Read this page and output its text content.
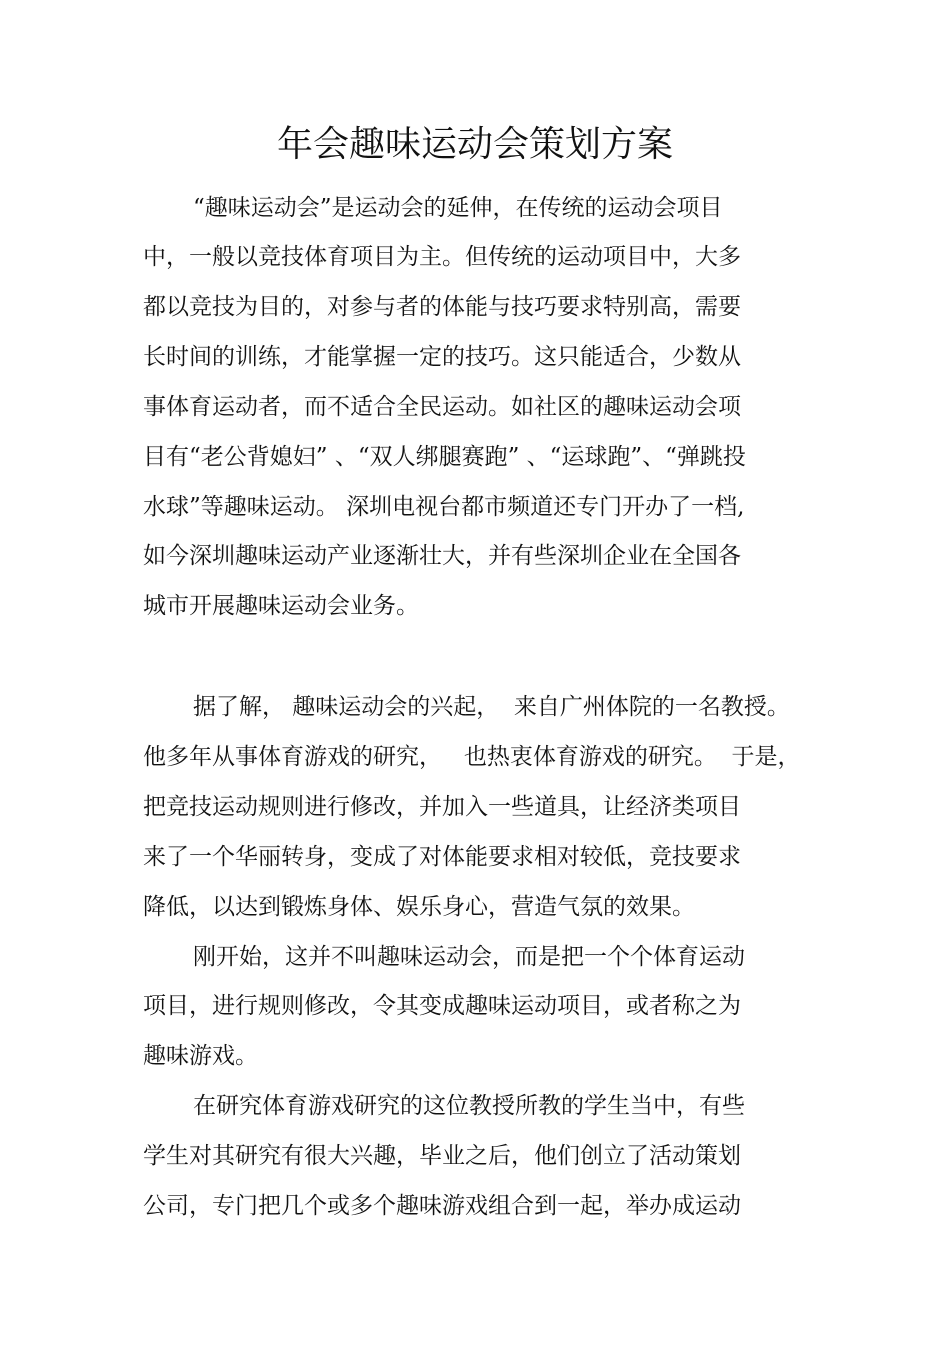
年会趣味运动会策划方案
“趣味运动会”是运动会的延伸，在传统的运动会项目
中，一般以竞技体育项目为主。但传统的运动项目中，大多
都以竞技为目的，对参与者的体能与技巧要求特别高，需要
长时间的训练，才能掌握一定的技巧。这只能适合，少数从
事体育运动者，而不适合全民运动。如社区的趣味运动会项
目有“老公背媳妇” 、“双人绑腿赛跑” 、“运球跑”、“弹跳投
水球”等趣味运动。 深圳电视台都市频道还专门开办了一档,
如今深圳趣味运动产业逐渐壮大，并有些深圳企业在全国各
城市开展趣味运动会业务。
据了解， 趣味运动会的兴起，  来自广州体院的一名教授。
他多年从事体育游戏的研究，   也热衷体育游戏的研究。  于是，
把竞技运动规则进行修改，并加入一些道具，让经济类项目
来了一个华丽转身，变成了对体能要求相对较低，竞技要求
降低，以达到锻炼身体、娱乐身心，营造气氛的效果。
刚开始，这并不叫趣味运动会，而是把一个个体育运动
项目，进行规则修改，令其变成趣味运动项目，或者称之为
趣味游戏。
在研究体育游戏研究的这位教授所教的学生当中，有些
学生对其研究有很大兴趣，毕业之后，他们创立了活动策划
公司，专门把几个或多个趣味游戏组合到一起，举办成运动
